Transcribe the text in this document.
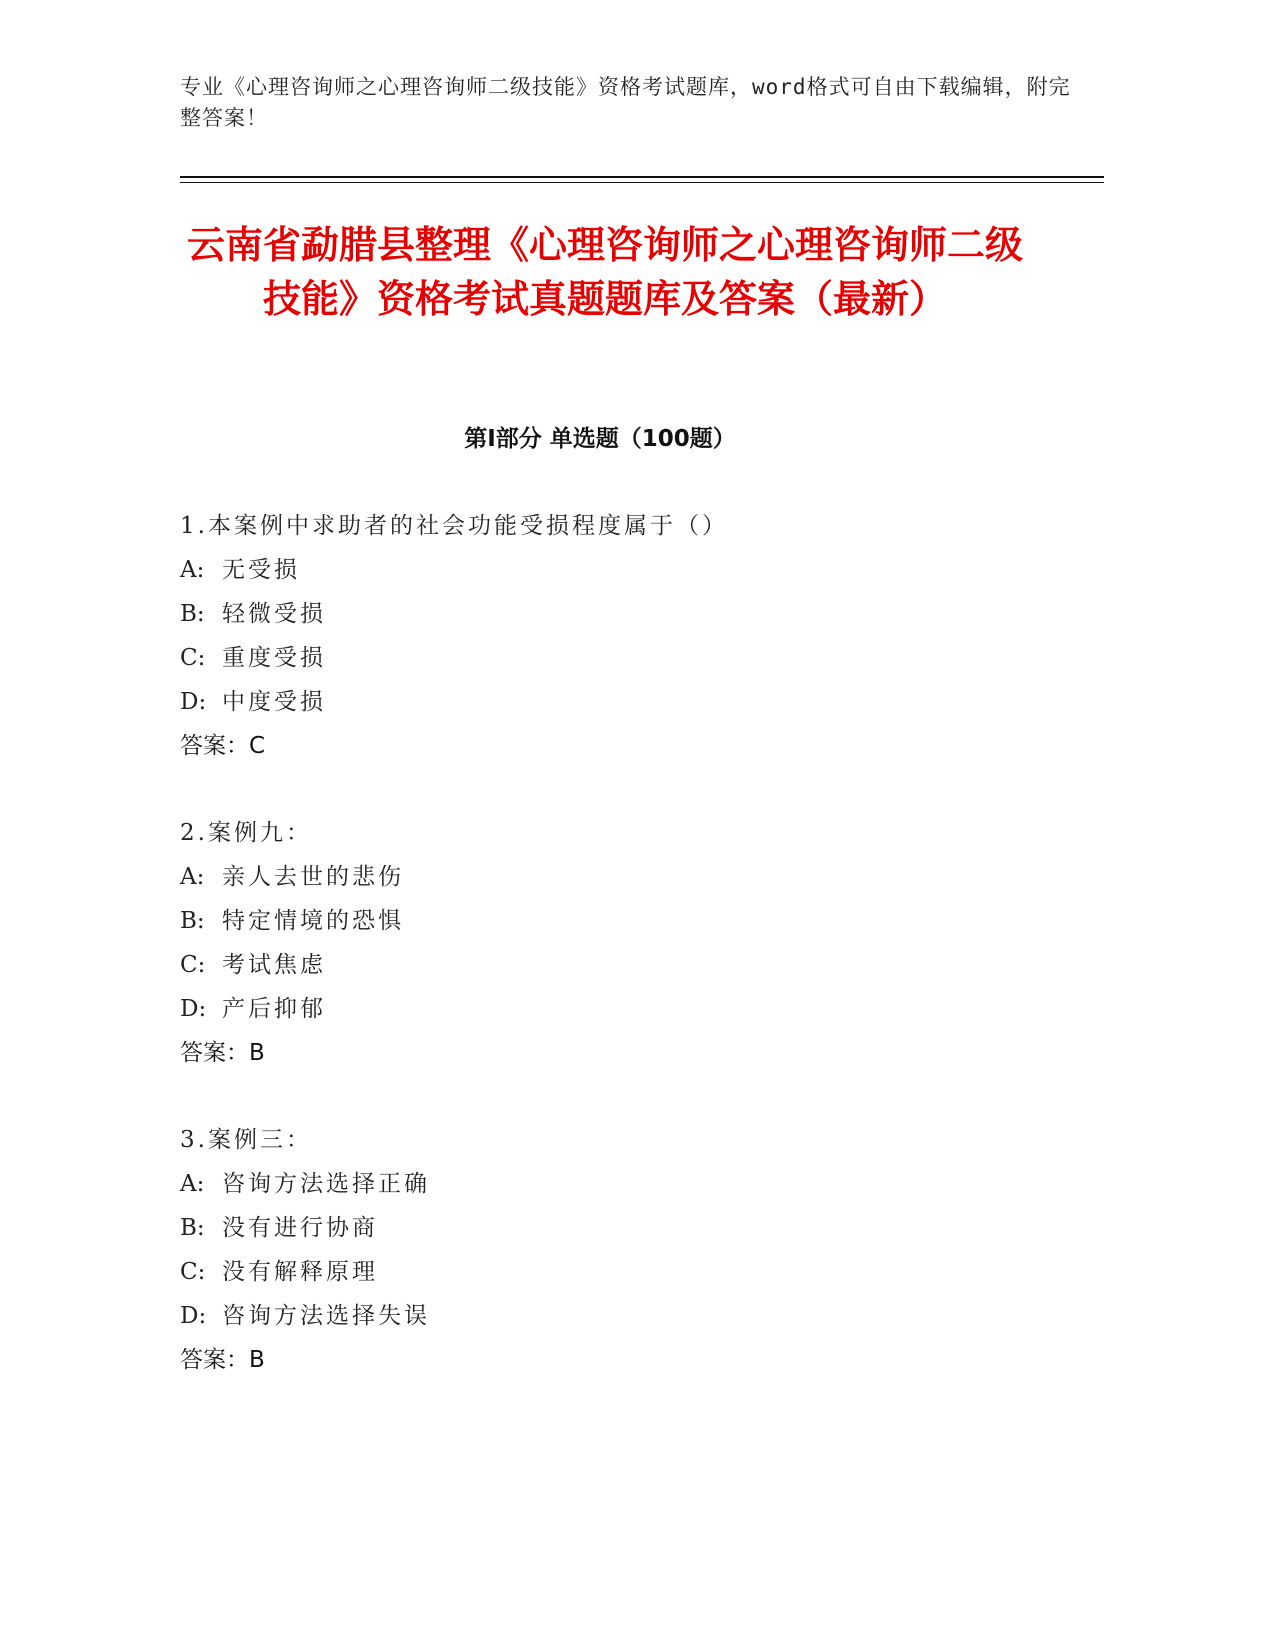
专业《心理咨询师之心理咨询师二级技能》资格考试题库，word格式可自由下载编辑，附完整答案！
云南省勐腊县整理《心理咨询师之心理咨询师二级技能》资格考试真题题库及答案（最新）
第Ⅰ部分 单选题（100题）
1.本案例中求助者的社会功能受损程度属于（）
A: 无受损
B: 轻微受损
C: 重度受损
D: 中度受损
答案：C
2.案例九：
A: 亲人去世的悲伤
B: 特定情境的恐惧
C: 考试焦虑
D: 产后抑郁
答案：B
3.案例三：
A: 咨询方法选择正确
B: 没有进行协商
C: 没有解释原理
D: 咨询方法选择失误
答案：B
